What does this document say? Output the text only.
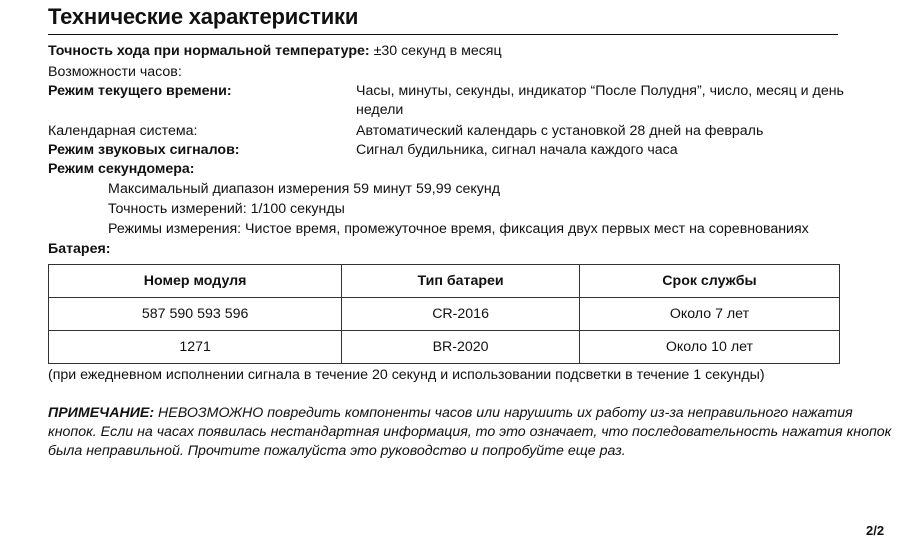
Технические характеристики
Точность хода при нормальной температуре: ±30 секунд в месяц
Возможности часов:
Режим текущего времени:	Часы, минуты, секунды, индикатор “После Полудня”, число, месяц и день
недели
Календарная система:	Автоматический календарь с установкой 28 дней на февраль
Режим звуковых сигналов:	Сигнал будильника, сигнал начала каждого часа
Режим секундомера:
Максимальный диапазон измерения 59 минут 59,99 секунд
Точность измерений: 1/100 секунды
Режимы измерения: Чистое время, промежуточное время, фиксация двух первых мест на соревнованиях
Батарея:
Номер модуля	Тип батареи	Срок службы
587 590 593 596	CR-2016	Около 7 лет
1271	BR-2020	Около 10 лет
(при ежедневном исполнении сигнала в течение 20 секунд и использовании подсветки в течение 1 секунды)
ПРИМЕЧАНИЕ: НЕВОЗМОЖНО повредить компоненты часов или нарушить их работу из-за неправильного нажатия
кнопок. Если на часах появилась нестандартная информация, то это означает, что последовательность нажатия кнопок
была неправильной. Прочтите пожалуйста это руководство и попробуйте еще раз.
2/2
